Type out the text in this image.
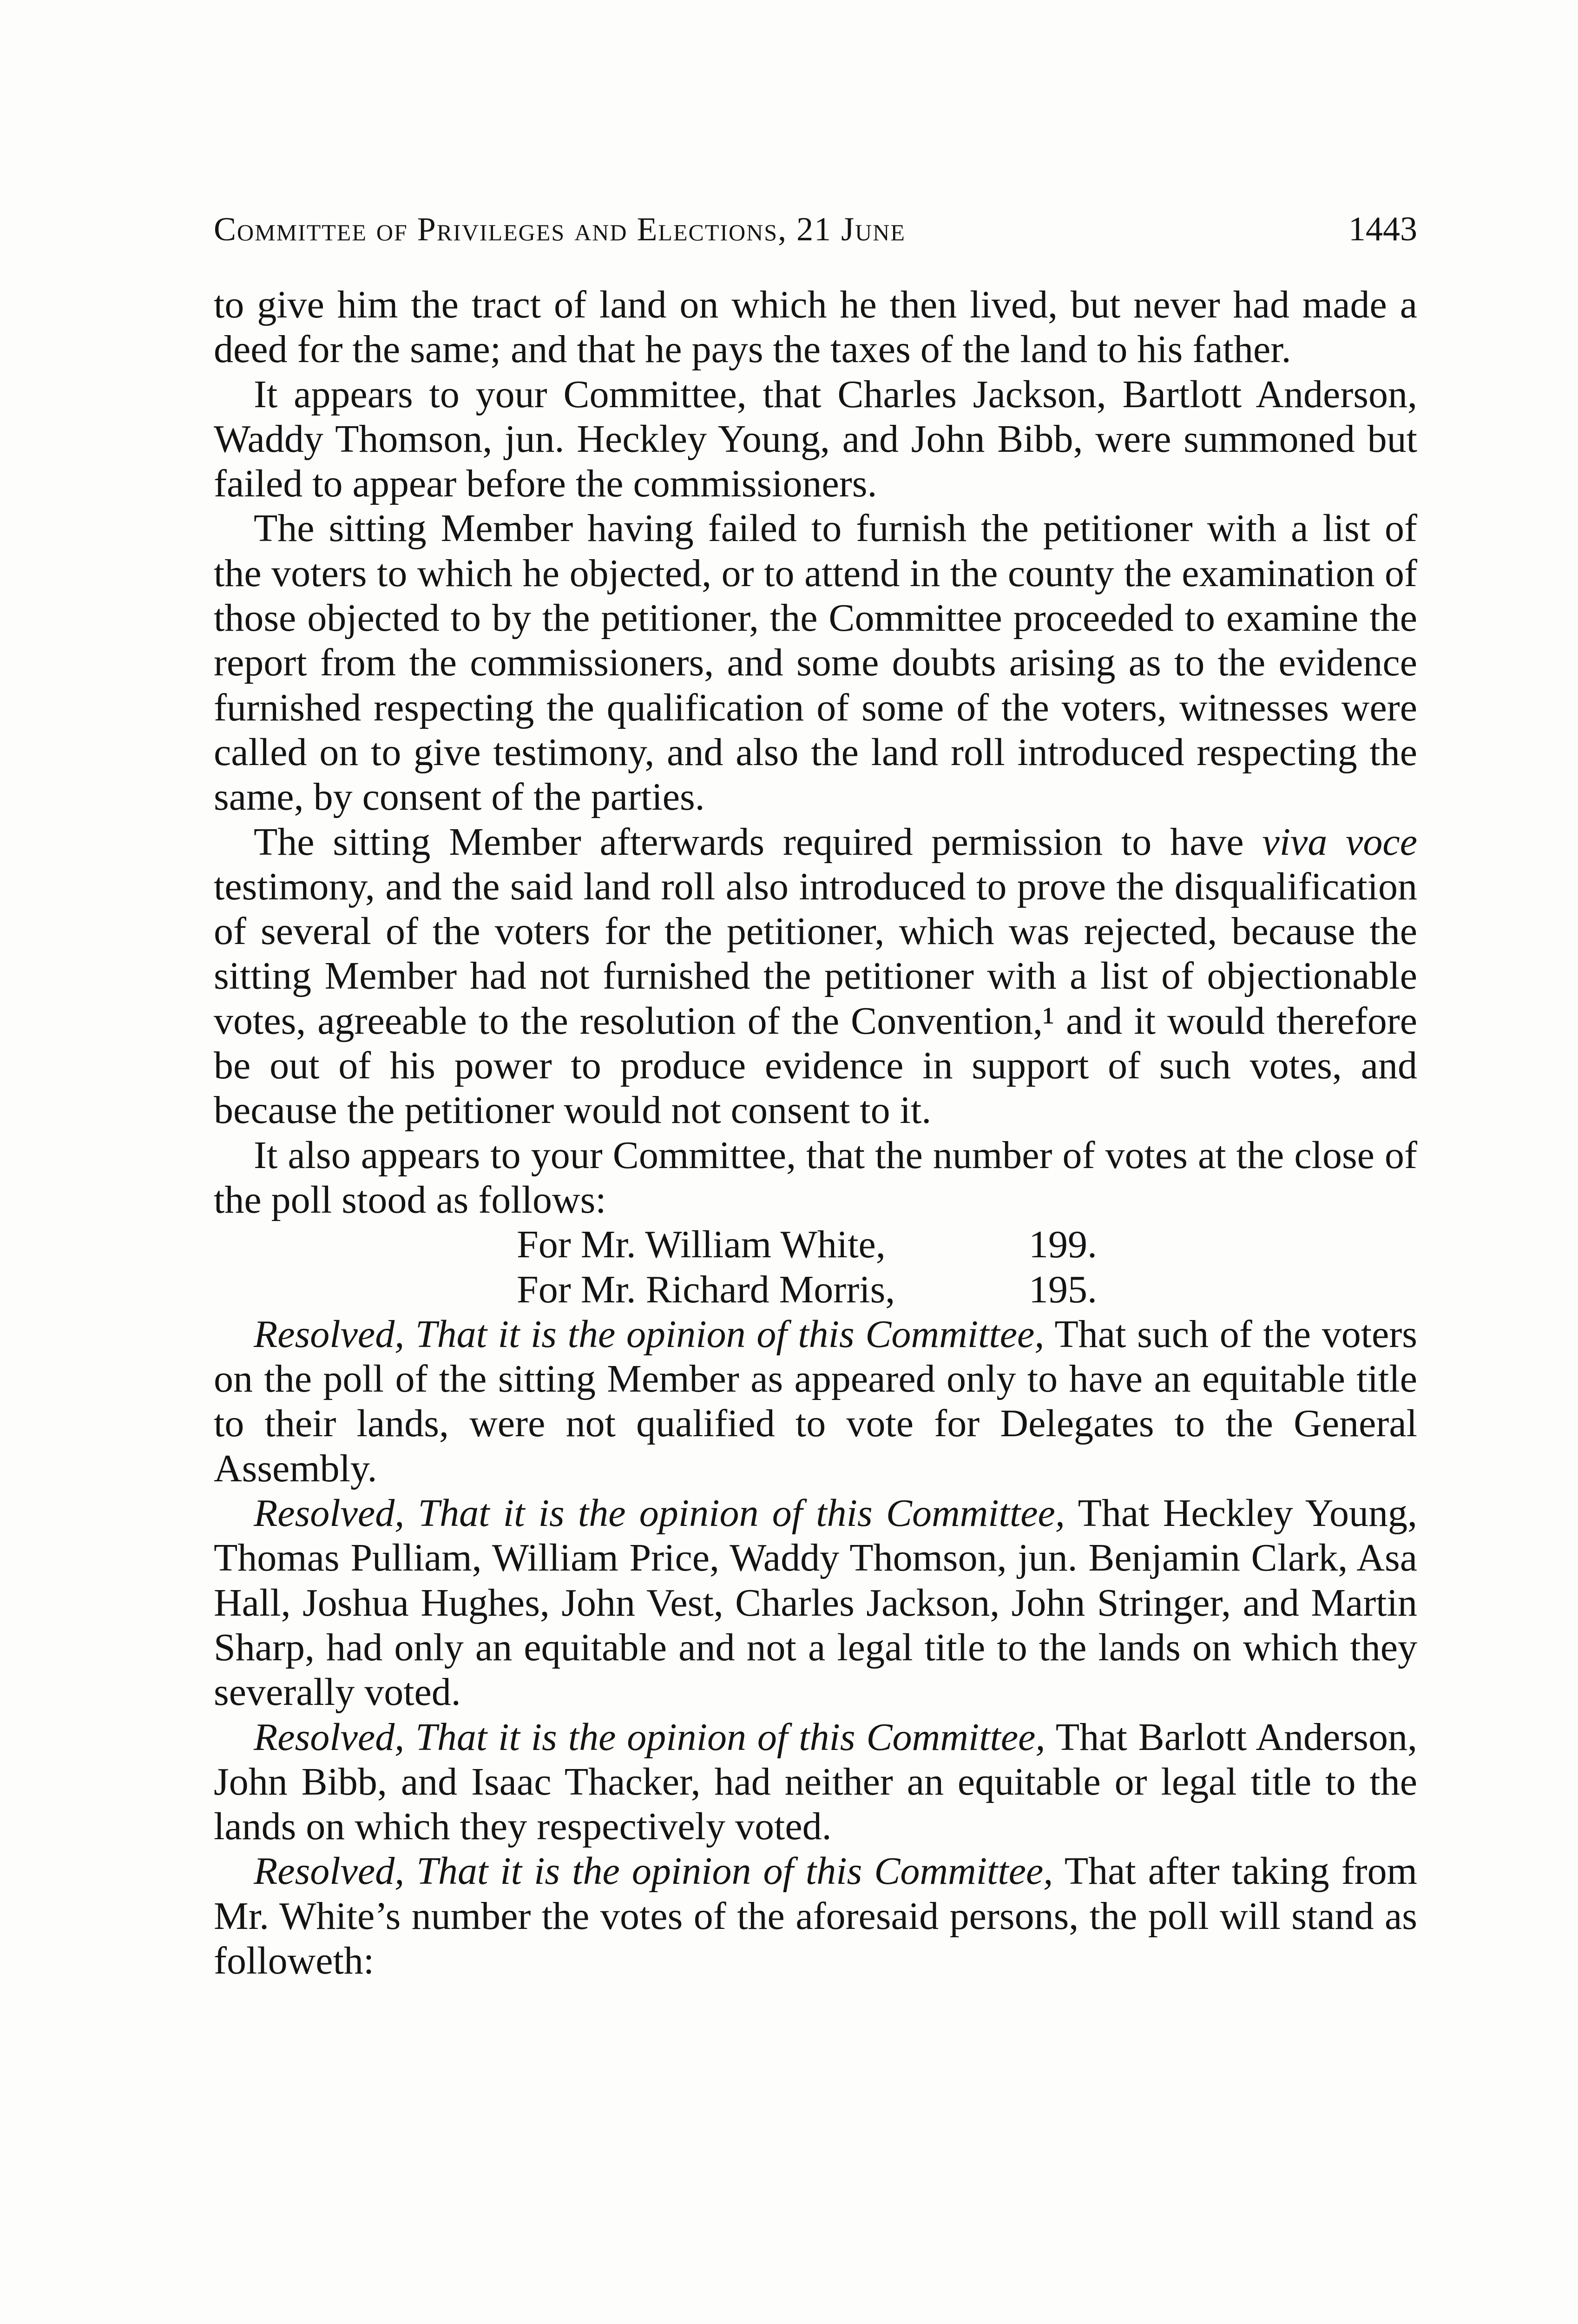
Committee of Privileges and Elections, 21 June	1443

to give him the tract of land on which he then lived, but never had made a deed for the same; and that he pays the taxes of the land to his father.

It appears to your Committee, that Charles Jackson, Bartlott Anderson, Waddy Thomson, jun. Heckley Young, and John Bibb, were summoned but failed to appear before the commissioners.

The sitting Member having failed to furnish the petitioner with a list of the voters to which he objected, or to attend in the county the examination of those objected to by the petitioner, the Committee proceeded to examine the report from the commissioners, and some doubts arising as to the evidence furnished respecting the qualification of some of the voters, witnesses were called on to give testimony, and also the land roll introduced respecting the same, by consent of the parties.

The sitting Member afterwards required permission to have viva voce testimony, and the said land roll also introduced to prove the disqualification of several of the voters for the petitioner, which was rejected, because the sitting Member had not furnished the petitioner with a list of objectionable votes, agreeable to the resolution of the Convention,¹ and it would therefore be out of his power to produce evidence in support of such votes, and because the petitioner would not consent to it.

It also appears to your Committee, that the number of votes at the close of the poll stood as follows:

For Mr. William White,	199.
For Mr. Richard Morris,	195.

Resolved, That it is the opinion of this Committee, That such of the voters on the poll of the sitting Member as appeared only to have an equitable title to their lands, were not qualified to vote for Delegates to the General Assembly.

Resolved, That it is the opinion of this Committee, That Heckley Young, Thomas Pulliam, William Price, Waddy Thomson, jun. Benjamin Clark, Asa Hall, Joshua Hughes, John Vest, Charles Jackson, John Stringer, and Martin Sharp, had only an equitable and not a legal title to the lands on which they severally voted.

Resolved, That it is the opinion of this Committee, That Barlott Anderson, John Bibb, and Isaac Thacker, had neither an equitable or legal title to the lands on which they respectively voted.

Resolved, That it is the opinion of this Committee, That after taking from Mr. White’s number the votes of the aforesaid persons, the poll will stand as followeth:
